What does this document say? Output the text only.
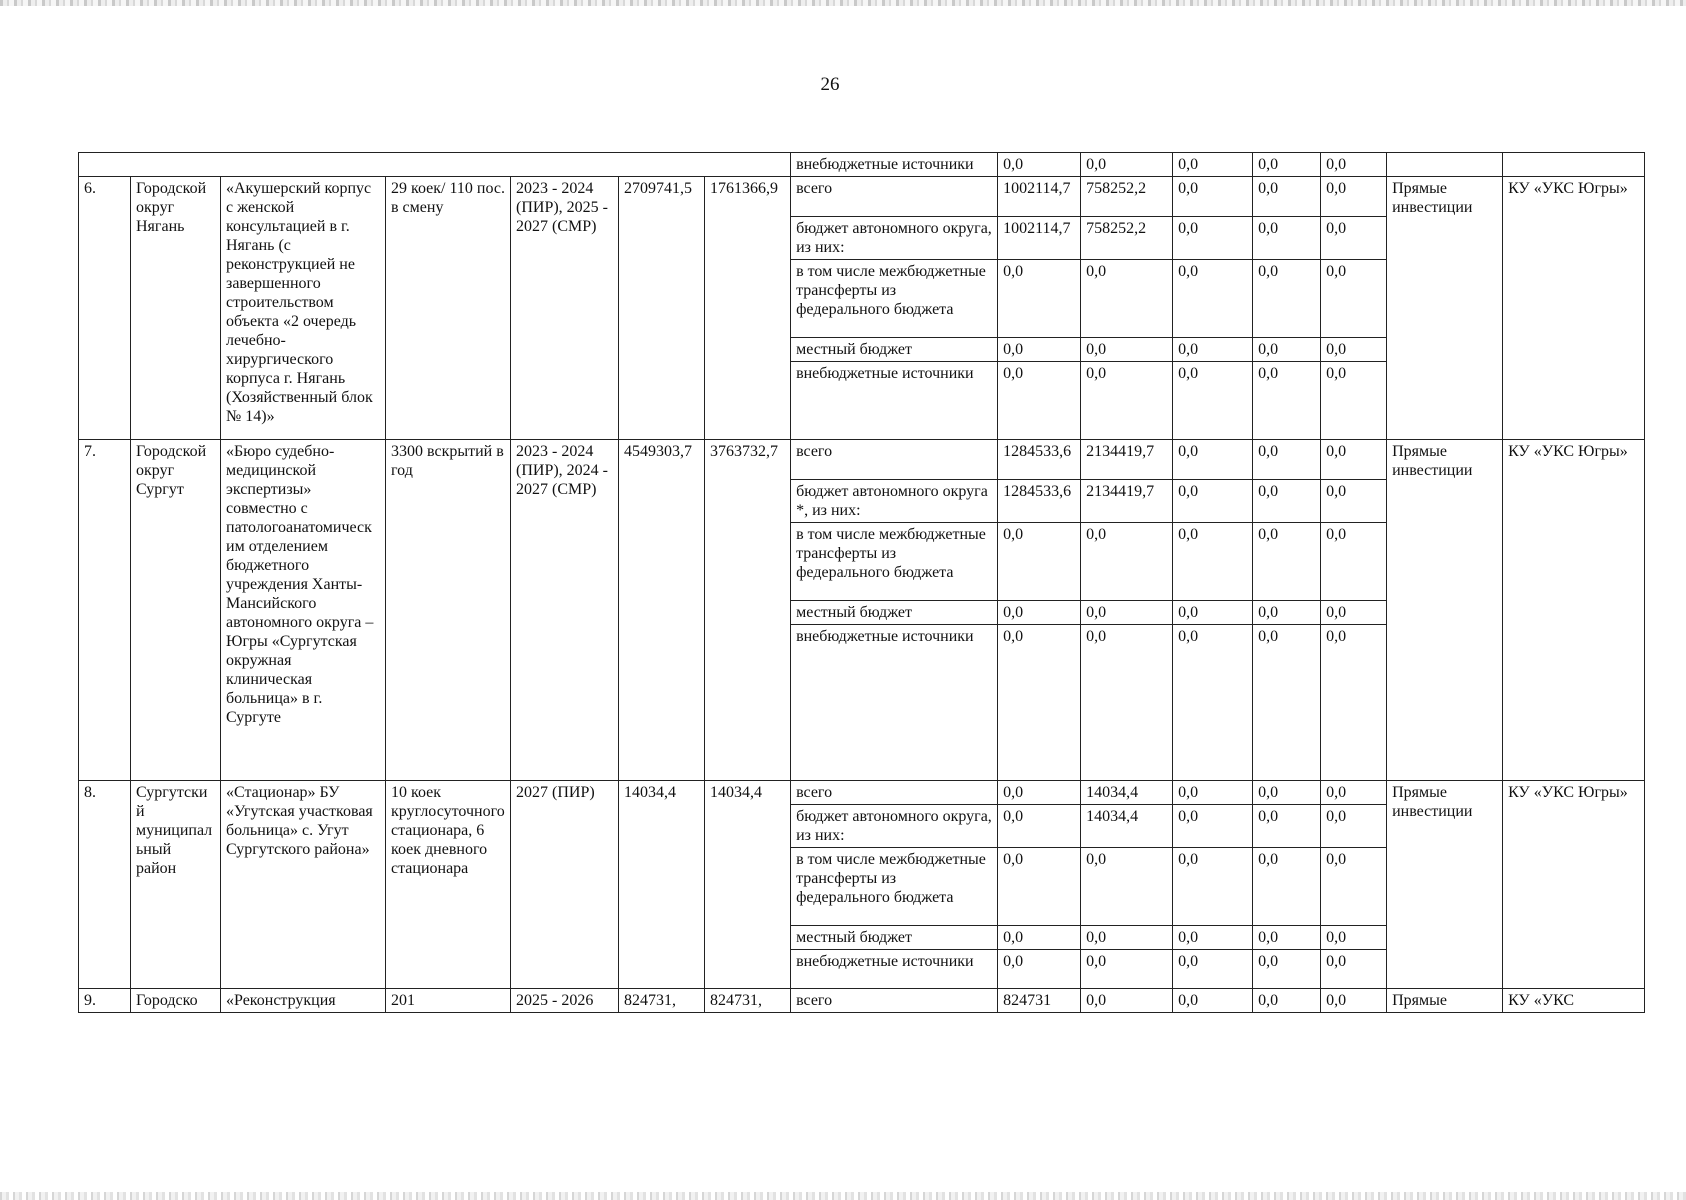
26
							внебюджетные источники	0,0	0,0	0,0	0,0	0,0		
6.	Городской округ Нягань	«Акушерский корпус с женской консультацией в г. Нягань (с реконструкцией не завершенного строительством объекта «2 очередь лечебно-хирургического корпуса г. Нягань (Хозяйственный блок № 14)»	29 коек/ 110 пос. в смену	2023 - 2024 (ПИР), 2025 - 2027 (СМР)	2709741,5	1761366,9	всего	1002114,7	758252,2	0,0	0,0	0,0	Прямые инвестиции	КУ «УКС Югры»
							бюджет автономного округа, из них:	1002114,7	758252,2	0,0	0,0	0,0		
							в том числе межбюджетные трансферты из федерального бюджета	0,0	0,0	0,0	0,0	0,0		
							местный бюджет	0,0	0,0	0,0	0,0	0,0		
							внебюджетные источники	0,0	0,0	0,0	0,0	0,0		
7.	Городской округ Сургут	«Бюро судебно-медицинской экспертизы» совместно с патологоанатомическим отделением бюджетного учреждения Ханты-Мансийского автономного округа – Югры «Сургутская окружная клиническая больница» в г. Сургуте	3300 вскрытий в год	2023 - 2024 (ПИР), 2024 - 2027 (СМР)	4549303,7	3763732,7	всего	1284533,6	2134419,7	0,0	0,0	0,0	Прямые инвестиции	КУ «УКС Югры»
							бюджет автономного округа *, из них:	1284533,6	2134419,7	0,0	0,0	0,0		
							в том числе межбюджетные трансферты из федерального бюджета	0,0	0,0	0,0	0,0	0,0		
							местный бюджет	0,0	0,0	0,0	0,0	0,0		
							внебюджетные источники	0,0	0,0	0,0	0,0	0,0		
8.	Сургутский муниципальный район	«Стационар» БУ «Угутская участковая больница» с. Угут Сургутского района»	10 коек круглосуточного стационара, 6 коек дневного стационара	2027 (ПИР)	14034,4	14034,4	всего	0,0	14034,4	0,0	0,0	0,0	Прямые инвестиции	КУ «УКС Югры»
							бюджет автономного округа, из них:	0,0	14034,4	0,0	0,0	0,0		
							в том числе межбюджетные трансферты из федерального бюджета	0,0	0,0	0,0	0,0	0,0		
							местный бюджет	0,0	0,0	0,0	0,0	0,0		
							внебюджетные источники	0,0	0,0	0,0	0,0	0,0		
9.	Городско	«Реконструкция	201	2025 - 2026	824731,	824731,	всего	824731	0,0	0,0	0,0	0,0	Прямые	КУ «УКС
